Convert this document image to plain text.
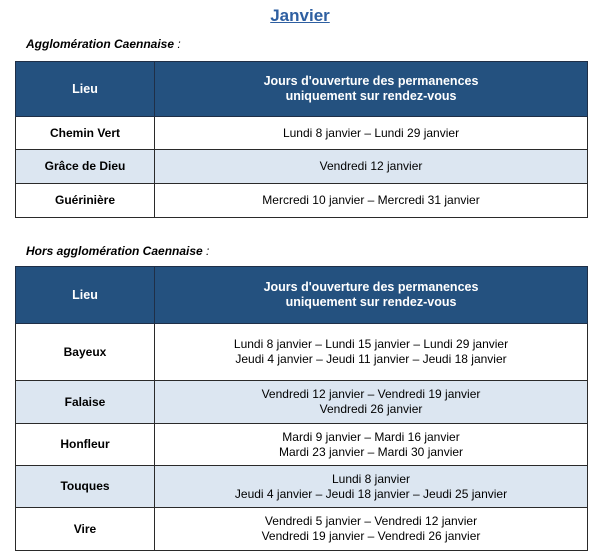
Janvier
Agglomération Caennaise :
Lieu	Jours d'ouverture des permanences
uniquement sur rendez-vous

Chemin Vert	Lundi 8 janvier – Lundi 29 janvier

Grâce de Dieu	Vendredi 12 janvier

Guérinière	Mercredi 10 janvier – Mercredi 31 janvier
Hors agglomération Caennaise :
Lieu	Jours d'ouverture des permanences
uniquement sur rendez-vous

Bayeux	Lundi 8 janvier – Lundi 15 janvier – Lundi 29 janvier
Jeudi 4 janvier – Jeudi 11 janvier – Jeudi 18 janvier

Falaise	Vendredi 12 janvier – Vendredi 19 janvier
Vendredi 26 janvier

Honfleur	Mardi 9 janvier – Mardi 16 janvier
Mardi 23 janvier – Mardi 30 janvier

Touques	Lundi 8 janvier
Jeudi 4 janvier – Jeudi 18 janvier – Jeudi 25 janvier

Vire	Vendredi 5 janvier – Vendredi 12 janvier
Vendredi 19 janvier – Vendredi 26 janvier
